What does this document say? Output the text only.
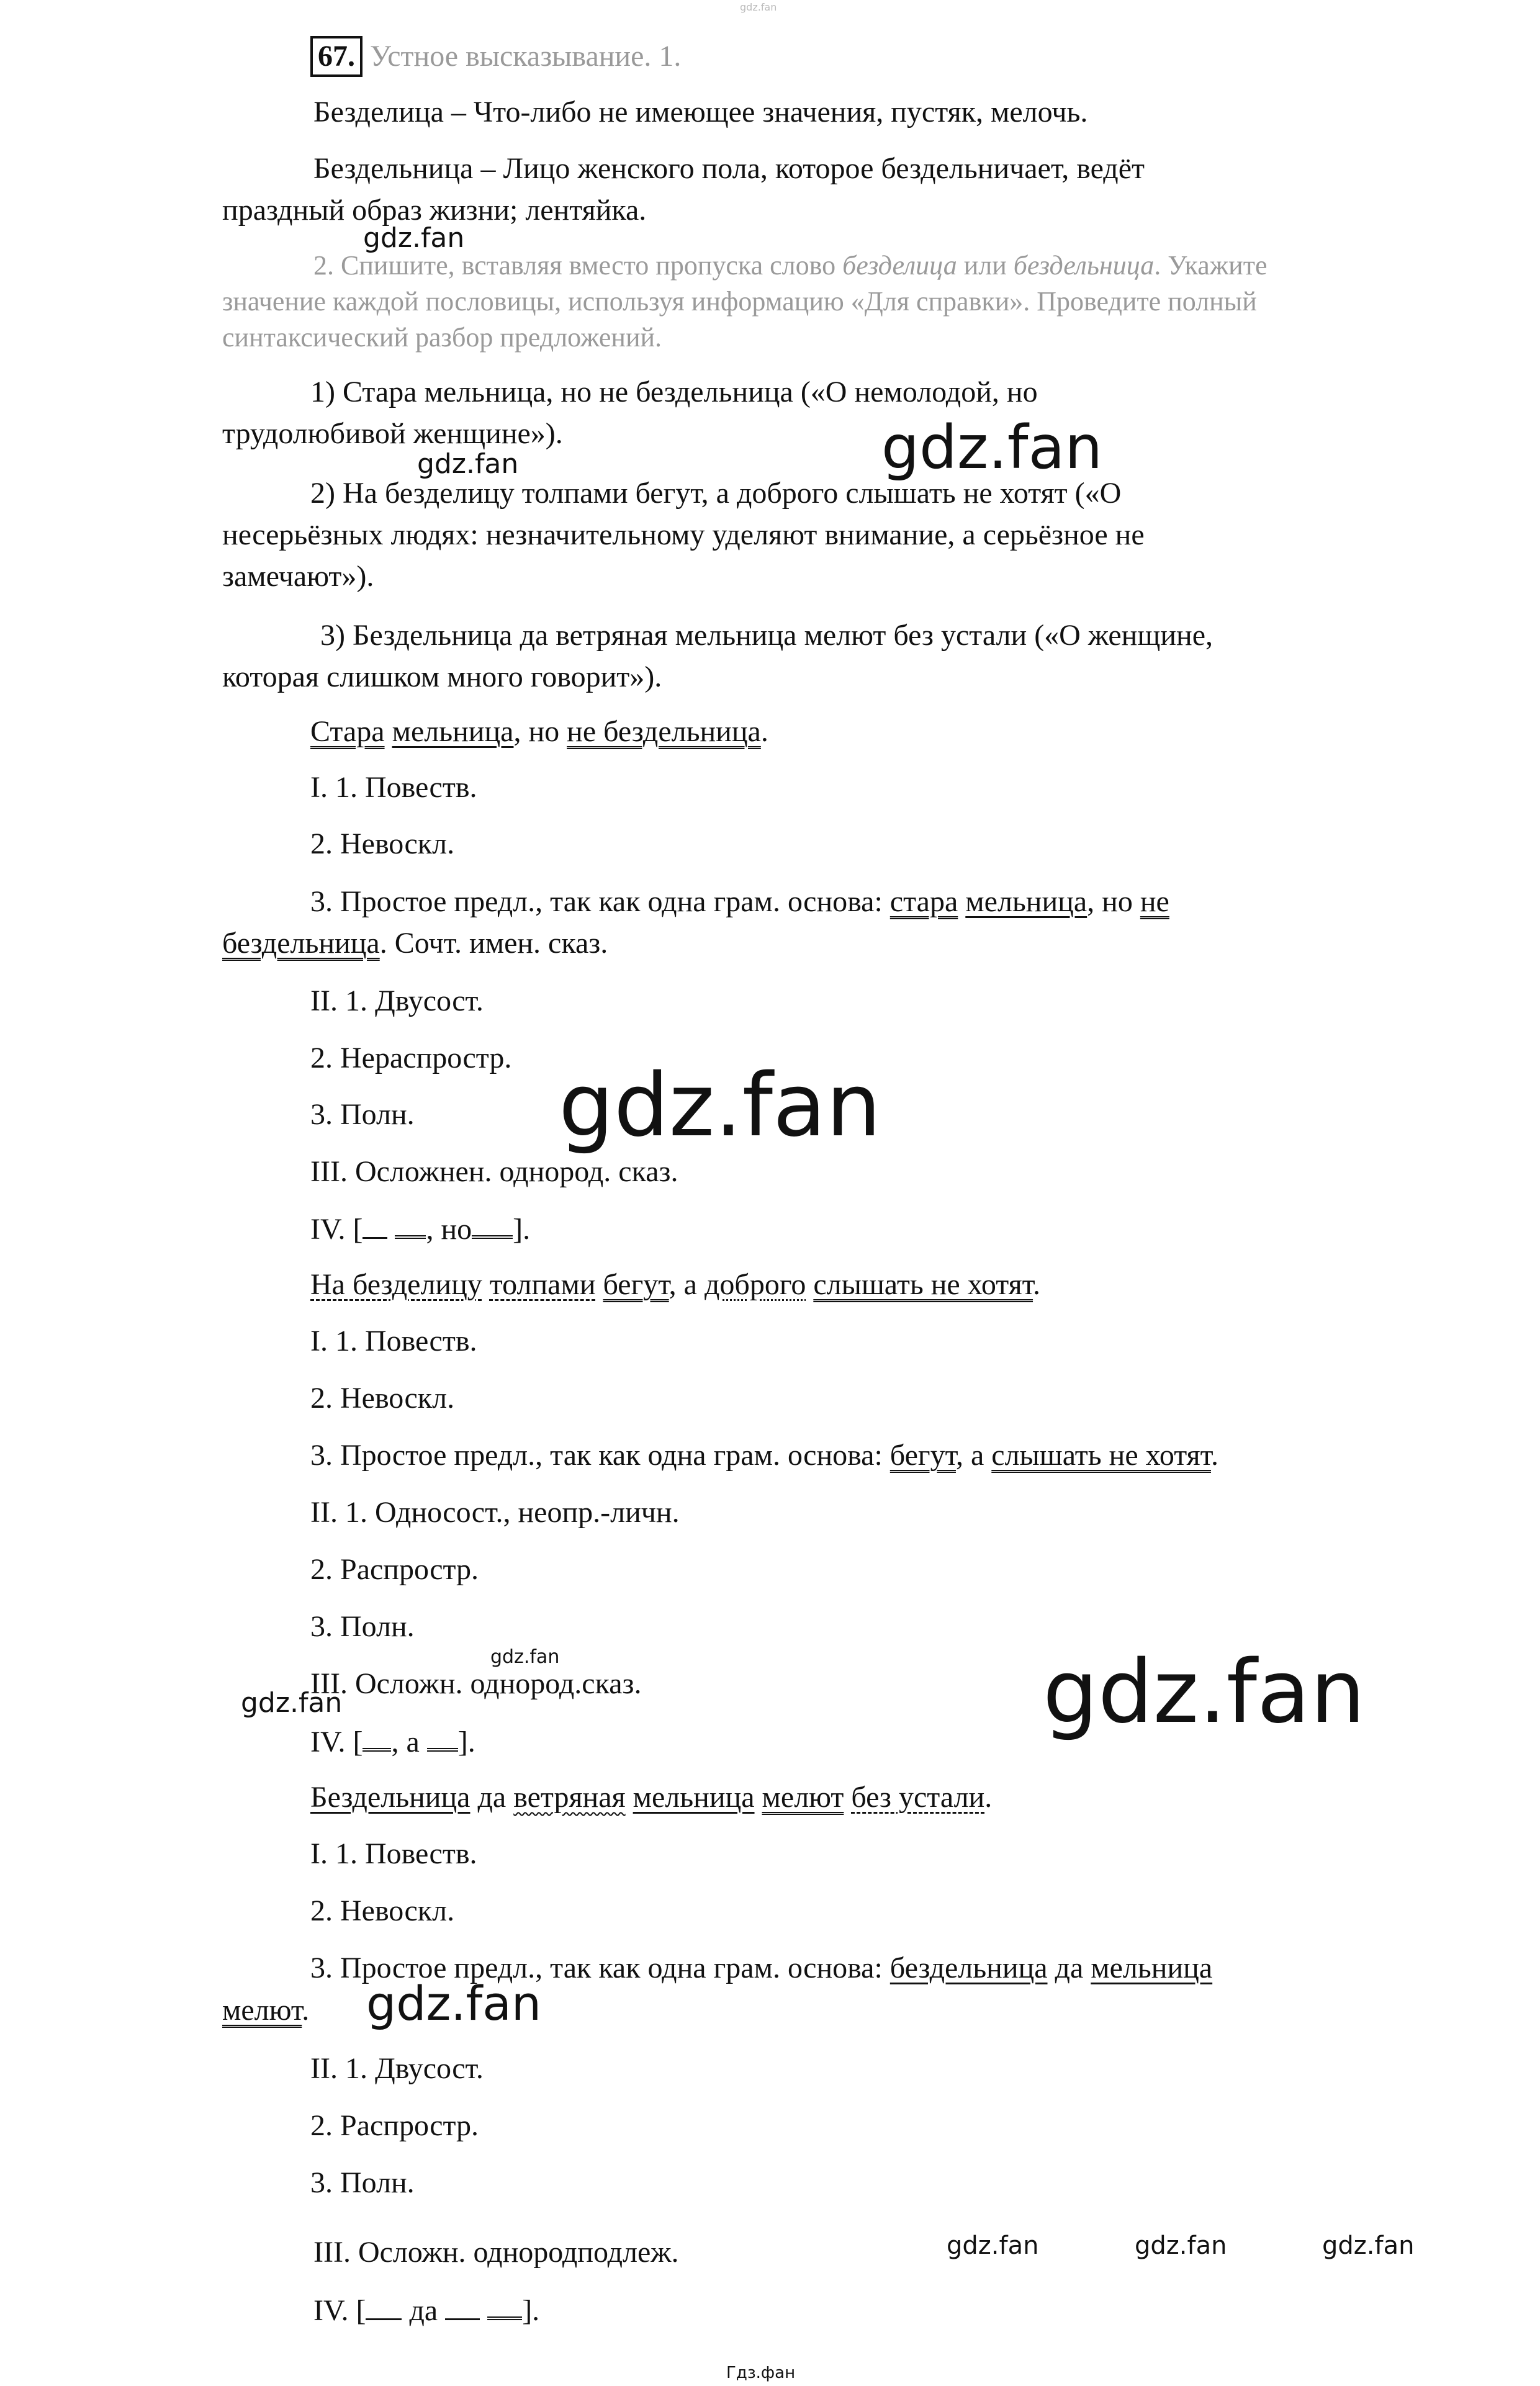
gdz.fan
67. Устное высказывание. 1.
Безделица – Что-либо не имеющее значения, пустяк, мелочь.
Бездельница – Лицо женского пола, которое бездельничает, ведёт
праздный образ жизни; лентяйка.
2. Спишите, вставляя вместо пропуска слово безделица или бездельница. Укажите
значение каждой пословицы, используя информацию «Для справки». Проведите полный
синтаксический разбор предложений.
1) Стара мельница, но не бездельница («О немолодой, но
трудолюбивой женщине»).
2) На безделицу толпами бегут, а доброго слышать не хотят («О
несерьёзных людях: незначительному уделяют внимание, а серьёзное не
замечают»).
3) Бездельница да ветряная мельница мелют без устали («О женщине,
которая слишком много говорит»).
Стара мельница, но не бездельница.
I. 1. Повеств.
2. Невоскл.
3. Простое предл., так как одна грам. основа: стара мельница, но не
бездельница. Сочт. имен. сказ.
II. 1. Двусост.
2. Нераспростр.
3. Полн.
III. Осложнен. однород. сказ.
IV. [ , но ].
На безделицу толпами бегут, а доброго слышать не хотят.
I. 1. Повеств.
2. Невоскл.
3. Простое предл., так как одна грам. основа: бегут, а слышать не хотят.
II. 1. Односост., неопр.-личн.
2. Распростр.
3. Полн.
III. Осложн. однород.сказ.
IV. [ , а ].
Бездельница да ветряная мельница мелют без устали.
I. 1. Повеств.
2. Невоскл.
3. Простое предл., так как одна грам. основа: бездельница да мельница
мелют.
II. 1. Двусост.
2. Распростр.
3. Полн.
III. Осложн. однородподлеж.
IV. [ да	].
gdz.fan
gdz.fan	gdz.fan
gdz.fan
gdz.fan
gdz.fan	gdz.fan
gdz.fan
gdz.fan	gdz.fan	gdz.fan
Гдз.фан
